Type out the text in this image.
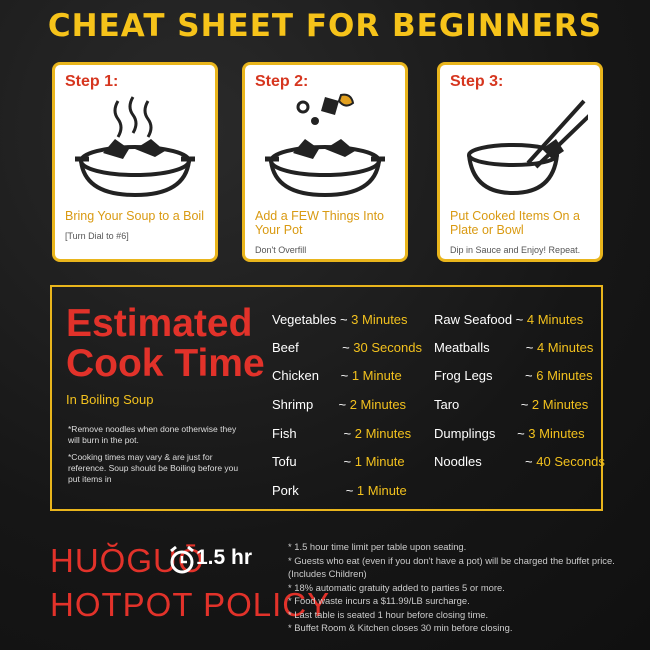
CHEAT SHEET FOR BEGINNERS
Step 1:
Bring Your Soup to a Boil
[Turn Dial to #6]
Step 2:
Add a FEW Things Into Your Pot
Don't Overfill
Step 3:
Put Cooked Items On a Plate or Bowl
Dip in Sauce and Enjoy! Repeat.
Estimated
Cook Time
In Boiling Soup
*Remove noodles when done otherwise they will burn in the pot.
*Cooking times may vary & are just for reference. Soup should be Boiling before you put items in
Vegetables ~ 3 Minutes
Beef            ~ 30 Seconds
Chicken      ~ 1 Minute
Shrimp       ~ 2 Minutes
Fish             ~ 2 Minutes
Tofu             ~ 1 Minute
Pork             ~ 1 Minute
Raw Seafood ~ 4 Minutes
Meatballs          ~ 4 Minutes
Frog Legs         ~ 6 Minutes
Taro                 ~ 2 Minutes
Dumplings      ~ 3 Minutes
Noodles            ~ 40 Seconds
HUŎGUŌ
HOTPOT POLICY
1.5 hr	* 1.5 hour time limit per table upon seating.
* Guests who eat (even if you don't have a pot) will be charged the buffet price. (Includes Children)
* 18% automatic gratuity added to parties 5 or more.
* Food waste incurs a $11.99/LB surcharge.
* Last table is seated 1 hour before closing time.
* Buffet Room & Kitchen closes 30 min before closing.
